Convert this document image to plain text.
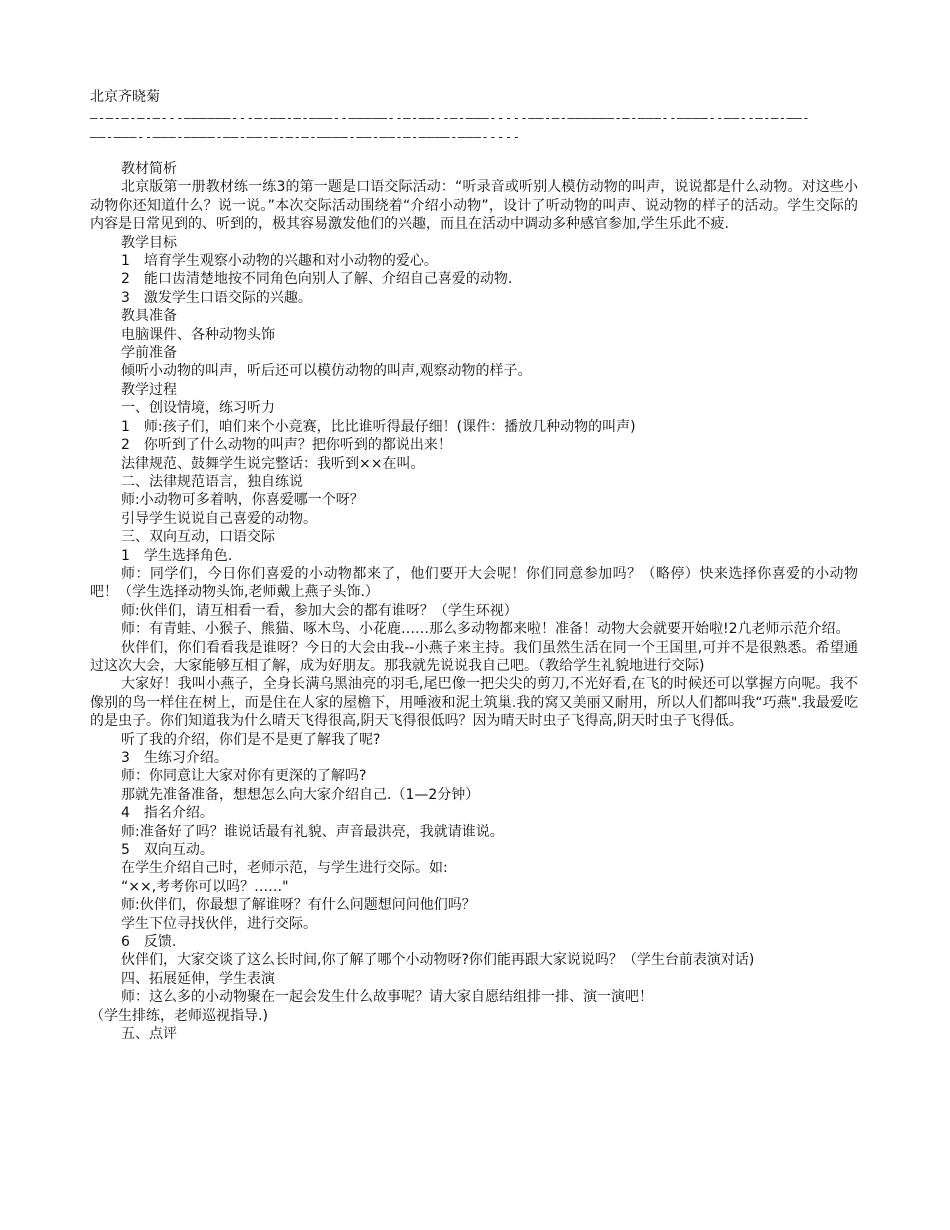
北京齐晓菊
—-—-—-—-—---——————---—-——-—-———--—————--—-——--—-———-----——-—-——————-—-———--————--——--—-—-——-——-———--———-————-——-——-—-—-—-————-——-——-—-————-———-----

教材简析

北京版第一册教材练一练3的第一题是口语交际活动：“听录音或听别人模仿动物的叫声，说说都是什么动物。对这些小动物你还知道什么？说一说。”本次交际活动围绕着“介绍小动物”，设计了听动物的叫声、说动物的样子的活动。学生交际的内容是日常见到的、听到的，极其容易激发他们的兴趣，而且在活动中调动多种感官参加,学生乐此不疲.

教学目标

1　培育学生观察小动物的兴趣和对小动物的爱心。

2　能口齿清楚地按不同角色向别人了解、介绍自己喜爱的动物.

3　激发学生口语交际的兴趣。

教具准备

电脑课件、各种动物头饰

学前准备

倾听小动物的叫声，听后还可以模仿动物的叫声,观察动物的样子。

教学过程

一、创设情境，练习听力

1　师:孩子们，咱们来个小竞赛，比比谁听得最仔细！(课件：播放几种动物的叫声)

2　你听到了什么动物的叫声？把你听到的都说出来！

法律规范、鼓舞学生说完整话：我听到××在叫。

二、法律规范语言，独自练说

师:小动物可多着呐，你喜爱哪一个呀？

引导学生说说自己喜爱的动物。

三、双向互动，口语交际

1　学生选择角色.

师：同学们，今日你们喜爱的小动物都来了，他们要开大会呢！你们同意参加吗？（略停）快来选择你喜爱的小动物吧！（学生选择动物头饰,老师戴上燕子头饰.）

师:伙伴们，请互相看一看，参加大会的都有谁呀？（学生环视）

师：有青蛙、小猴子、熊猫、啄木鸟、小花鹿……那么多动物都来啦！准备！动物大会就要开始啦!2凣老师示范介绍。

伙伴们，你们看看我是谁呀？今日的大会由我--小燕子来主持。我们虽然生活在同一个王国里,可并不是很熟悉。希望通过这次大会，大家能够互相了解，成为好朋友。那我就先说说我自己吧。（教给学生礼貌地进行交际)

大家好！我叫小燕子，全身长满乌黑油亮的羽毛,尾巴像一把尖尖的剪刀,不光好看,在飞的时候还可以掌握方向呢。我不像别的鸟一样住在树上，而是住在人家的屋檐下，用唾液和泥土筑巢.我的窝又美丽又耐用，所以人们都叫我“巧燕".我最爱吃的是虫子。你们知道我为什么晴天飞得很高,阴天飞得很低吗？因为晴天时虫子飞得高,阴天时虫子飞得低。

听了我的介绍，你们是不是更了解我了呢?

3　生练习介绍。

师：你同意让大家对你有更深的了解吗?

那就先准备准备，想想怎么向大家介绍自己.（1—2分钟）

4　指名介绍。

师:准备好了吗？谁说话最有礼貌、声音最洪亮，我就请谁说。

5　双向互动。

在学生介绍自己时，老师示范，与学生进行交际。如:

“××,考考你可以吗？……"

师:伙伴们，你最想了解谁呀？有什么问题想问问他们吗？

学生下位寻找伙伴，进行交际。

6　反馈.

伙伴们，大家交谈了这么长时间,你了解了哪个小动物呀?你们能再跟大家说说吗？（学生台前表演对话)

四、拓展延伸，学生表演

师：这么多的小动物聚在一起会发生什么故事呢？请大家自愿结组排一排、演一演吧！

（学生排练，老师巡视指导.)

五、点评
